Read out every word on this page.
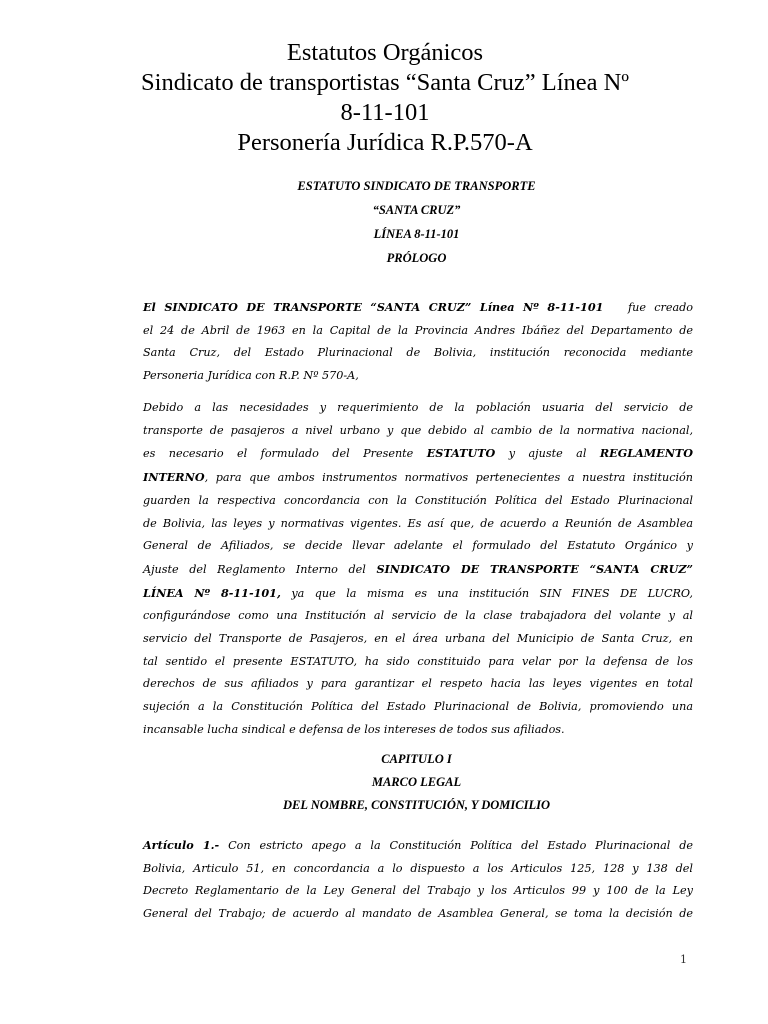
Estatutos Orgánicos
Sindicato de transportistas “Santa Cruz” Línea Nº
8-11-101
Personería Jurídica R.P.570-A
ESTATUTO SINDICATO DE TRANSPORTE
“SANTA CRUZ”
LÍNEA 8-11-101
PRÓLOGO
El SINDICATO DE TRANSPORTE “SANTA CRUZ” Línea Nº 8-11-101 fue creado
el 24 de Abril de 1963 en la Capital de la Provincia Andres Ibáñez del Departamento de
Santa Cruz, del Estado Plurinacional de Bolivia, institución reconocida mediante
Personeria Jurídica con R.P. Nº 570-A,
Debido a las necesidades y requerimiento de la población usuaria del servicio de
transporte de pasajeros a nivel urbano y que debido al cambio de la normativa nacional,
es necesario el formulado del Presente ESTATUTO y ajuste al REGLAMENTO
INTERNO, para que ambos instrumentos normativos pertenecientes a nuestra institución
guarden la respectiva concordancia con la Constitución Política del Estado Plurinacional
de Bolivia, las leyes y normativas vigentes. Es así que, de acuerdo a Reunión de Asamblea
General de Afiliados, se decide llevar adelante el formulado del Estatuto Orgánico y
Ajuste del Reglamento Interno del SINDICATO DE TRANSPORTE “SANTA CRUZ”
LÍNEA Nº 8-11-101, ya que la misma es una institución SIN FINES DE LUCRO,
configurándose como una Institución al servicio de la clase trabajadora del volante y al
servicio del Transporte de Pasajeros, en el área urbana del Municipio de Santa Cruz, en
tal sentido el presente ESTATUTO, ha sido constituido para velar por la defensa de los
derechos de sus afiliados y para garantizar el respeto hacia las leyes vigentes en total
sujeción a la Constitución Política del Estado Plurinacional de Bolivia, promoviendo una
incansable lucha sindical e defensa de los intereses de todos sus afiliados.
CAPITULO I
MARCO LEGAL
DEL NOMBRE, CONSTITUCIÓN, Y DOMICILIO
Artículo 1.- Con estricto apego a la Constitución Política del Estado Plurinacional de
Bolivia, Articulo 51, en concordancia a lo dispuesto a los Articulos 125, 128 y 138 del
Decreto Reglamentario de la Ley General del Trabajo y los Articulos 99 y 100 de la Ley
General del Trabajo; de acuerdo al mandato de Asamblea General, se toma la decisión de
1
